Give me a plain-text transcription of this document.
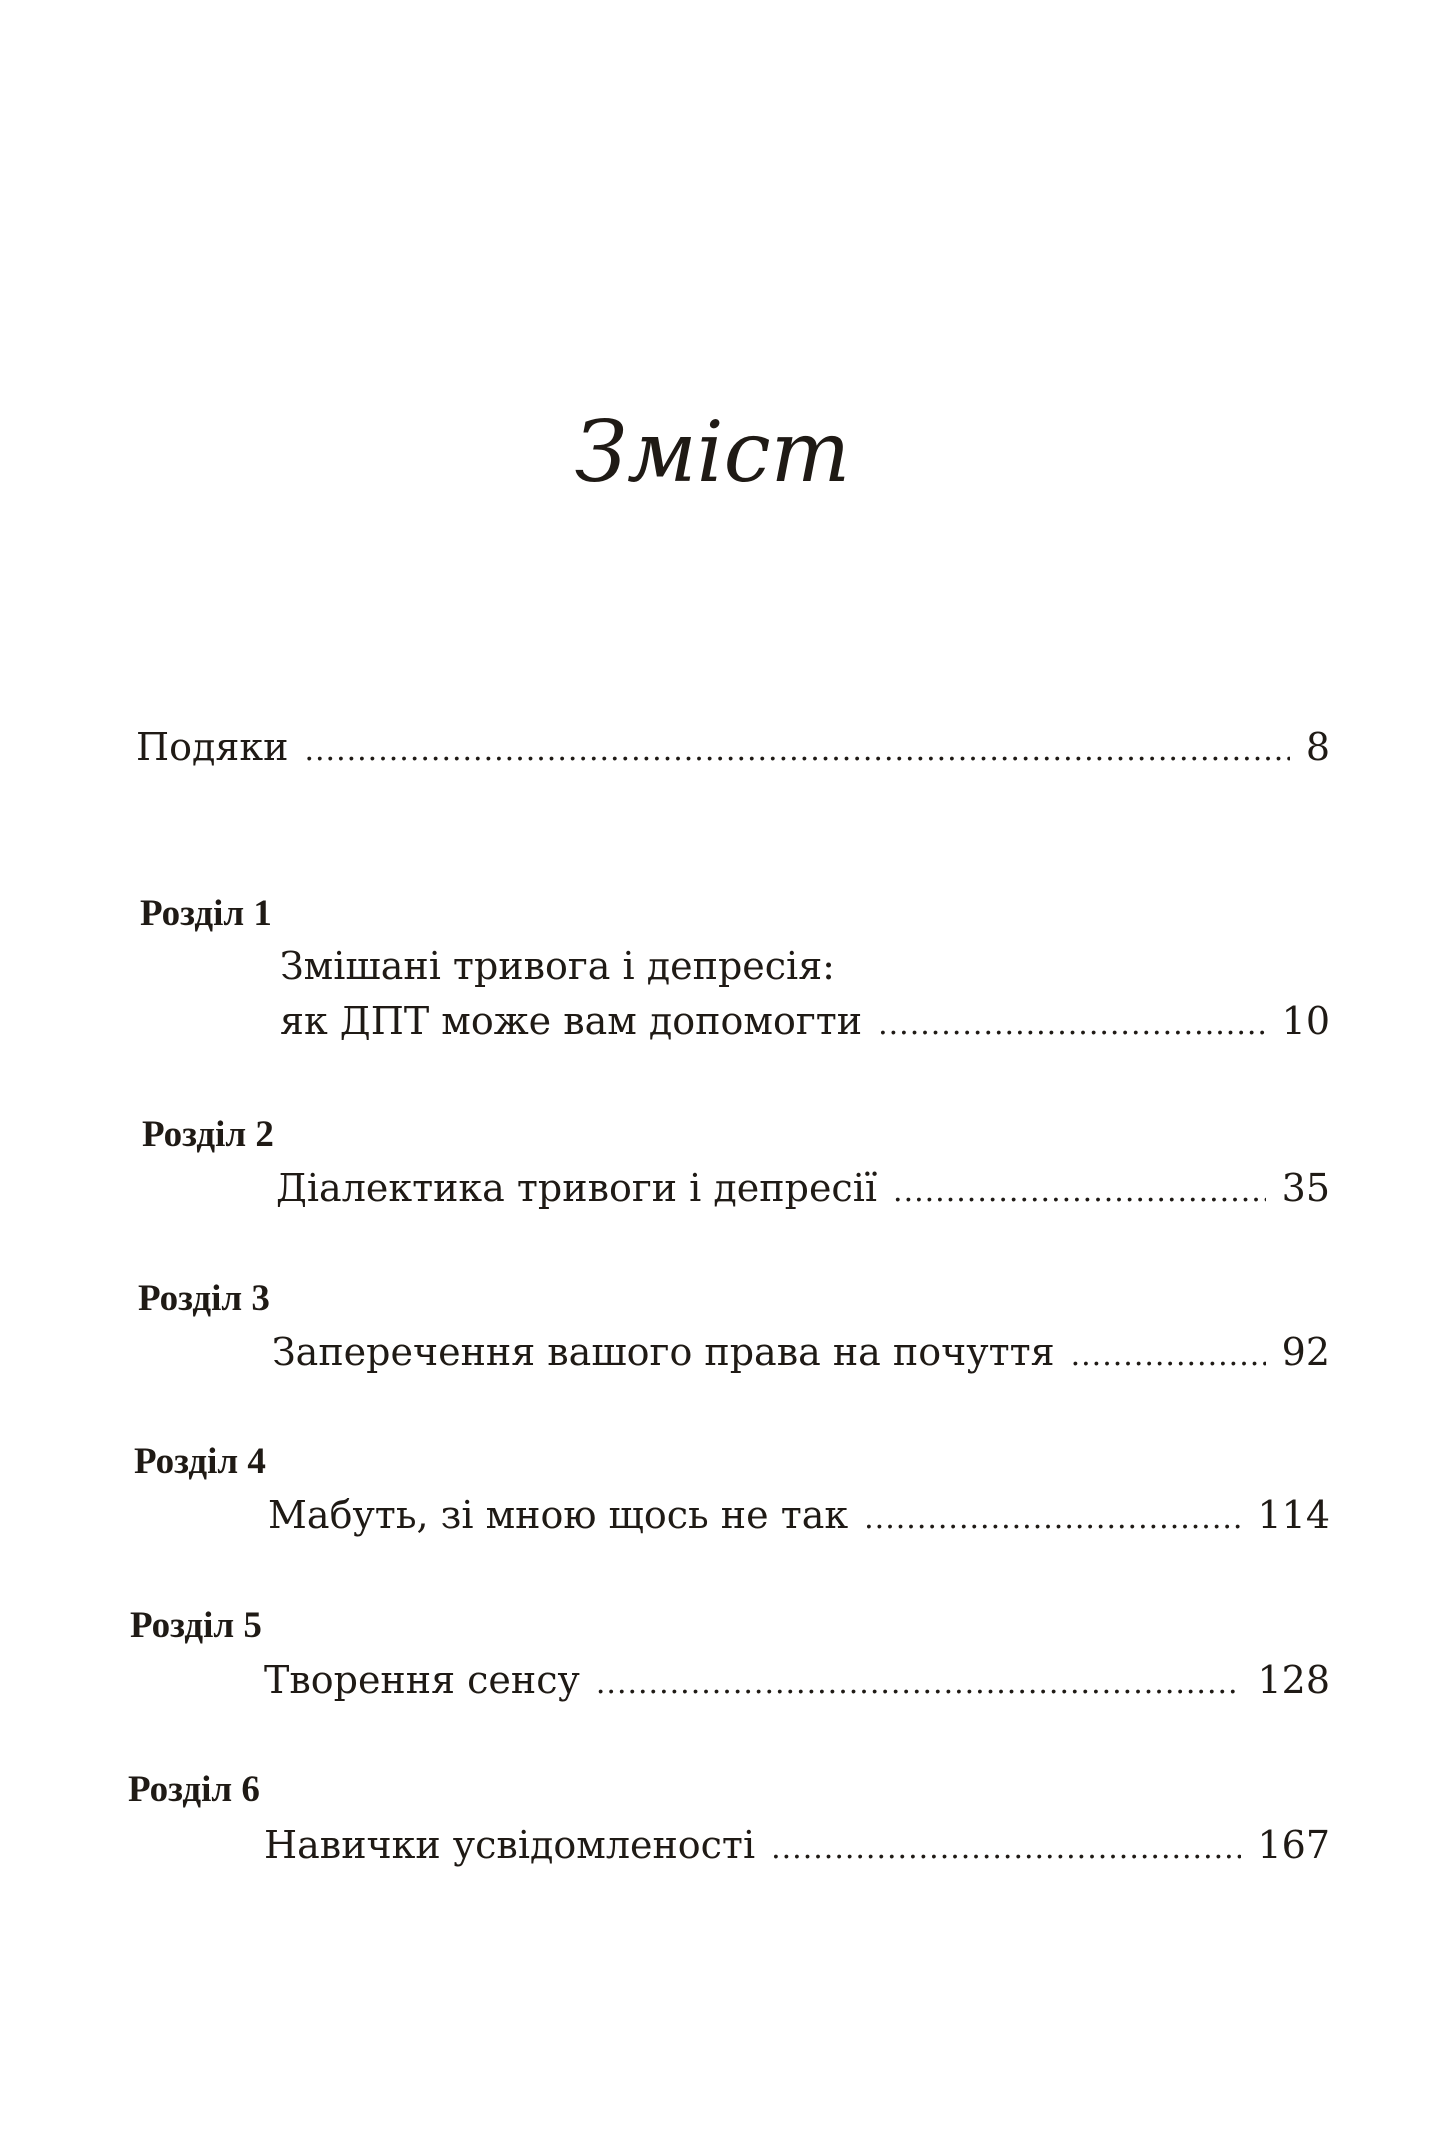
Зміст
Подяки .....	8
Розділ 1
Змішані тривога і депресія:
як ДПТ може вам допомогти .....	10
Розділ 2
Діалектика тривоги і депресії .....	35
Розділ 3
Заперечення вашого права на почуття .....	92
Розділ 4
Мабуть, зі мною щось не так .....	114
Розділ 5
Творення сенсу .....	128
Розділ 6
Навички усвідомленості .....	167
